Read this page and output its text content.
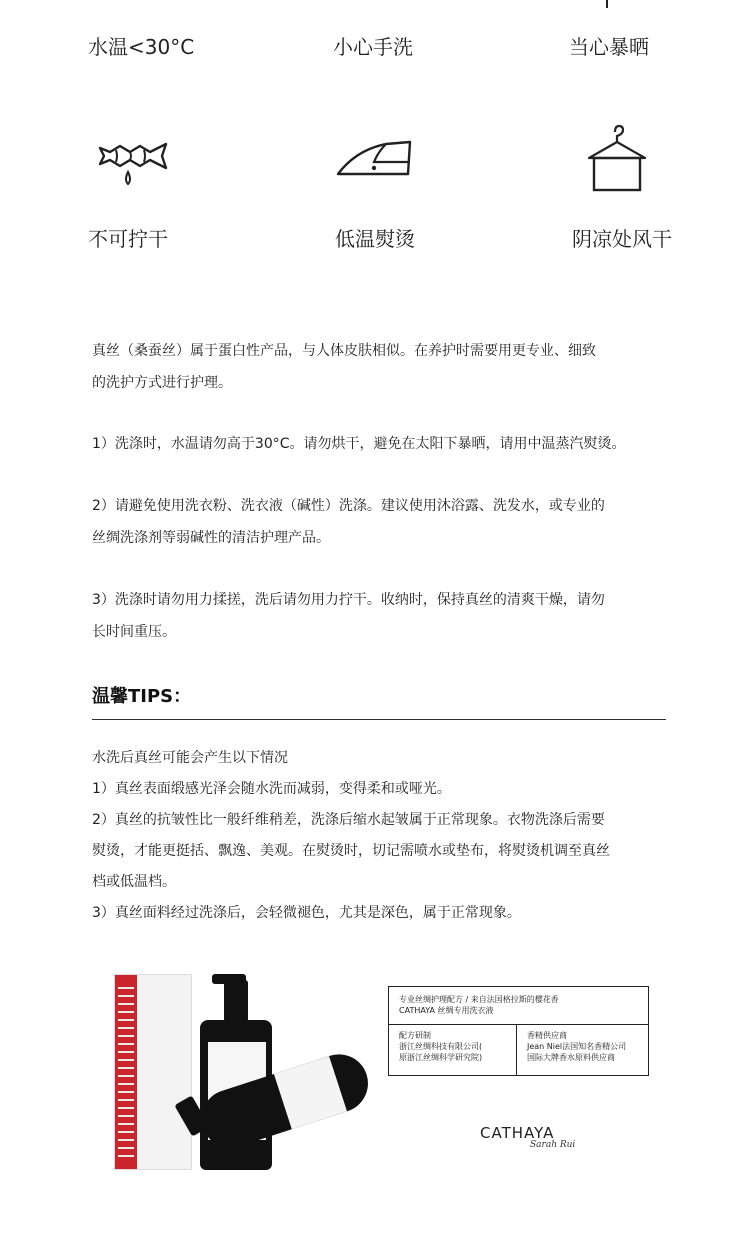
水温<30°C	小心手洗	当心暴晒
不可拧干	低温熨烫	阴凉处风干
真丝（桑蚕丝）属于蛋白性产品，与人体皮肤相似。在养护时需要用更专业、细致
的洗护方式进行护理。
1）洗涤时，水温请勿高于30°C。请勿烘干，避免在太阳下暴晒，请用中温蒸汽熨烫。
2）请避免使用洗衣粉、洗衣液（碱性）洗涤。建议使用沐浴露、洗发水，或专业的
丝绸洗涤剂等弱碱性的清洁护理产品。
3）洗涤时请勿用力揉搓，洗后请勿用力拧干。收纳时，保持真丝的清爽干燥，请勿
长时间重压。
温馨TIPS：
水洗后真丝可能会产生以下情况
1）真丝表面缎感光泽会随水洗而减弱，变得柔和或哑光。
2）真丝的抗皱性比一般纤维稍差，洗涤后缩水起皱属于正常现象。衣物洗涤后需要
熨烫，才能更挺括、飘逸、美观。在熨烫时，切记需喷水或垫布，将熨烫机调至真丝
档或低温档。
3）真丝面料经过洗涤后，会轻微褪色，尤其是深色，属于正常现象。
专业丝绸护理配方 / 来自法国格拉斯的樱花香
CATHAYA 丝绸专用洗衣液
配方研制
浙江丝绸科技有限公司(
原浙江丝绸科学研究院)
香精供应商
Jean Niel法国知名香精公司
国际大牌香水原料供应商
CATHAYA
Sarah Rui
